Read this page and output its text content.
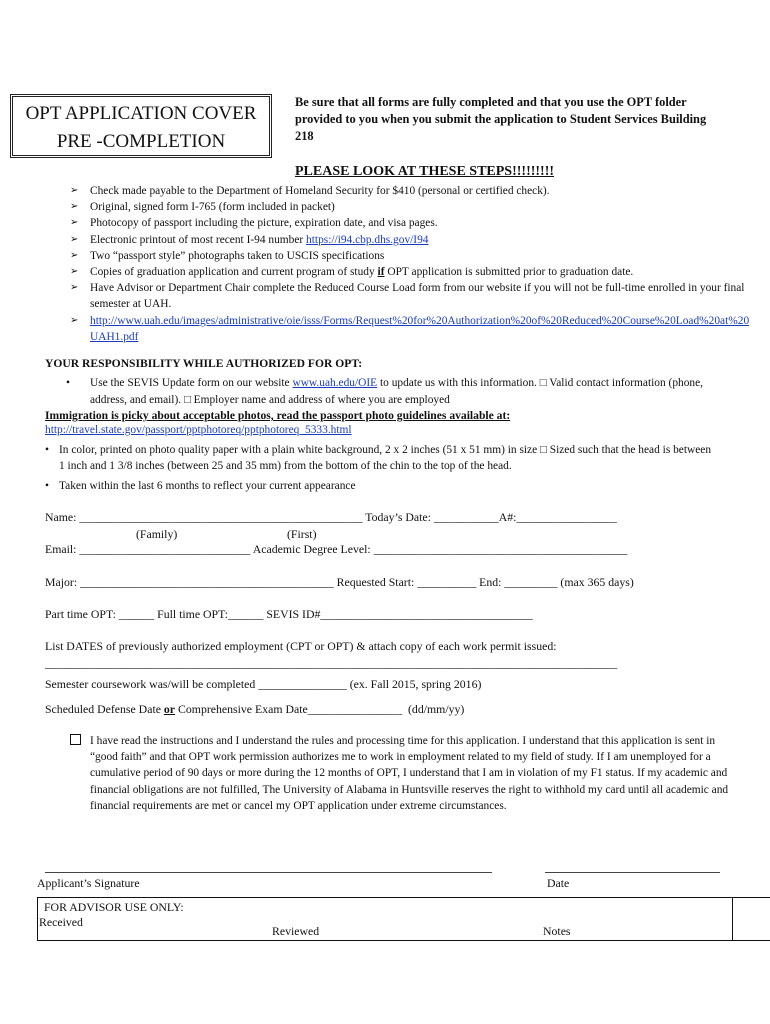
OPT APPLICATION COVER
PRE -COMPLETION
Be sure that all forms are fully completed and that you use the OPT folder provided to you when you submit the application to Student Services Building 218
PLEASE LOOK AT THESE STEPS!!!!!!!!!
➢ Check made payable to the Department of Homeland Security for $410 (personal or certified check).
➢ Original, signed form I-765 (form included in packet)
➢ Photocopy of passport including the picture, expiration date, and visa pages.
➢ Electronic printout of most recent I-94 number https://i94.cbp.dhs.gov/I94
➢ Two “passport style” photographs taken to USCIS specifications
➢ Copies of graduation application and current program of study if OPT application is submitted prior to graduation date.
➢ Have Advisor or Department Chair complete the Reduced Course Load form from our website if you will not be full-time enrolled in your final semester at UAH.
➢ http://www.uah.edu/images/administrative/oie/isss/Forms/Request%20for%20Authorization%20of%20Reduced%20Course%20Load%20at%20UAH1.pdf
YOUR RESPONSIBILITY WHILE AUTHORIZED FOR OPT:
•	Use the SEVIS Update form on our website www.uah.edu/OIE to update us with this information. □ Valid contact information (phone, address, and email). □ Employer name and address of where you are employed
Immigration is picky about acceptable photos, read the passport photo guidelines available at:
http://travel.state.gov/passport/pptphotoreq/pptphotoreq_5333.html
• In color, printed on photo quality paper with a plain white background, 2 x 2 inches (51 x 51 mm) in size □ Sized such that the head is between 1 inch and 1 3/8 inches (between 25 and 35 mm) from the bottom of the chin to the top of the head.
• Taken within the last 6 months to reflect your current appearance
Name: ________________________________________________ Today’s Date: ___________A#:_________________
(Family)	(First)
Email: _____________________________ Academic Degree Level: ___________________________________________
Major: ___________________________________________ Requested Start: __________ End: _________ (max 365 days)
Part time OPT: ______ Full time OPT:______ SEVIS ID#____________________________________
List DATES of previously authorized employment (CPT or OPT) & attach copy of each work permit issued:
_________________________________________________________________________________________________
Semester coursework was/will be completed _______________ (ex. Fall 2015, spring 2016)
Scheduled Defense Date or Comprehensive Exam Date________________  (dd/mm/yy)
I have read the instructions and I understand the rules and processing time for this application. I understand that this application is sent in “good faith” and that OPT work permission authorizes me to work in employment related to my field of study. If I am unemployed for a cumulative period of 90 days or more during the 12 months of OPT, I understand that I am in violation of my F1 status. If my academic and financial obligations are not fulfilled, The University of Alabama in Huntsville reserves the right to withhold my card until all academic and financial requirements are met or cancel my OPT application under extreme circumstances.
Applicant’s Signature	Date
FOR ADVISOR USE ONLY:
Received
Reviewed	Notes
